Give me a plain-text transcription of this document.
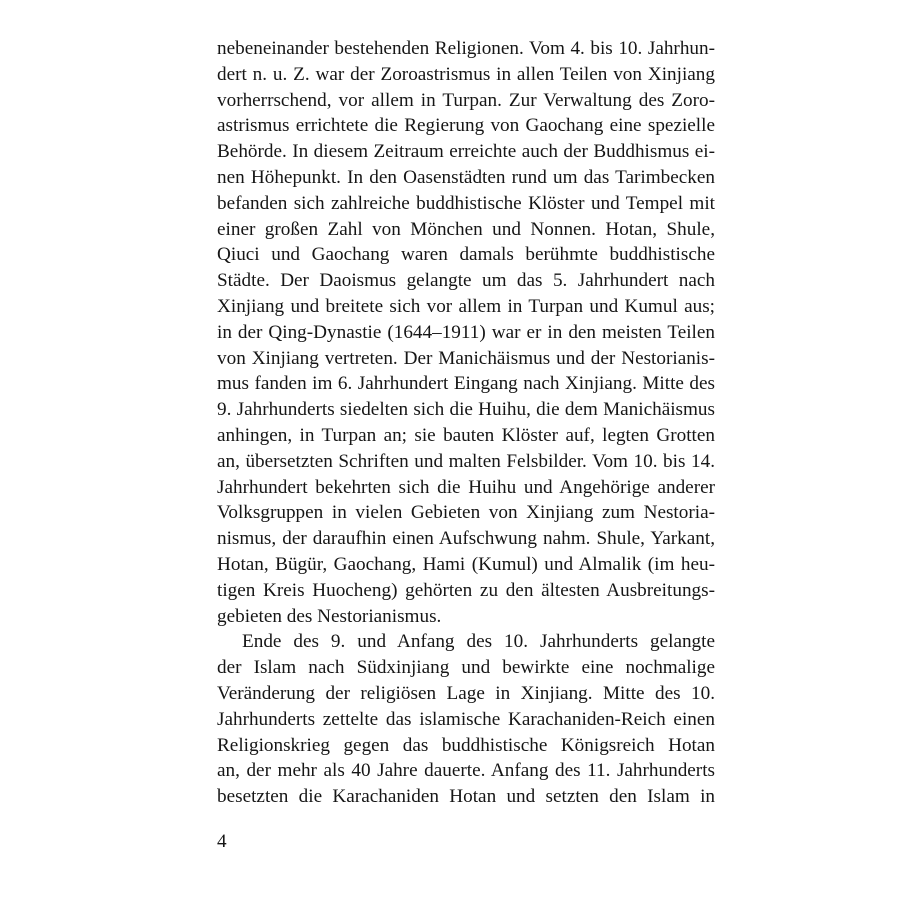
nebeneinander bestehenden Religionen. Vom 4. bis 10. Jahrhun-
dert n. u. Z. war der Zoroastrismus in allen Teilen von Xinjiang
vorherrschend, vor allem in Turpan. Zur Verwaltung des Zoro-
astrismus errichtete die Regierung von Gaochang eine spezielle
Behörde. In diesem Zeitraum erreichte auch der Buddhismus ei-
nen Höhepunkt. In den Oasenstädten rund um das Tarimbecken
befanden sich zahlreiche buddhistische Klöster und Tempel mit
einer großen Zahl von Mönchen und Nonnen. Hotan, Shule,
Qiuci und Gaochang waren damals berühmte buddhistische
Städte. Der Daoismus gelangte um das 5. Jahrhundert nach
Xinjiang und breitete sich vor allem in Turpan und Kumul aus;
in der Qing-Dynastie (1644–1911) war er in den meisten Teilen
von Xinjiang vertreten. Der Manichäismus und der Nestorianis-
mus fanden im 6. Jahrhundert Eingang nach Xinjiang. Mitte des
9. Jahrhunderts siedelten sich die Huihu, die dem Manichäismus
anhingen, in Turpan an; sie bauten Klöster auf, legten Grotten
an, übersetzten Schriften und malten Felsbilder. Vom 10. bis 14.
Jahrhundert bekehrten sich die Huihu und Angehörige anderer
Volksgruppen in vielen Gebieten von Xinjiang zum Nestoria-
nismus, der daraufhin einen Aufschwung nahm. Shule, Yarkant,
Hotan, Bügür, Gaochang, Hami (Kumul) und Almalik (im heu-
tigen Kreis Huocheng) gehörten zu den ältesten Ausbreitungs-
gebieten des Nestorianismus.
Ende des 9. und Anfang des 10. Jahrhunderts gelangte
der Islam nach Südxinjiang und bewirkte eine nochmalige
Veränderung der religiösen Lage in Xinjiang. Mitte des 10.
Jahrhunderts zettelte das islamische Karachaniden-Reich einen
Religionskrieg gegen das buddhistische Königsreich Hotan
an, der mehr als 40 Jahre dauerte. Anfang des 11. Jahrhunderts
besetzten die Karachaniden Hotan und setzten den Islam in
4
